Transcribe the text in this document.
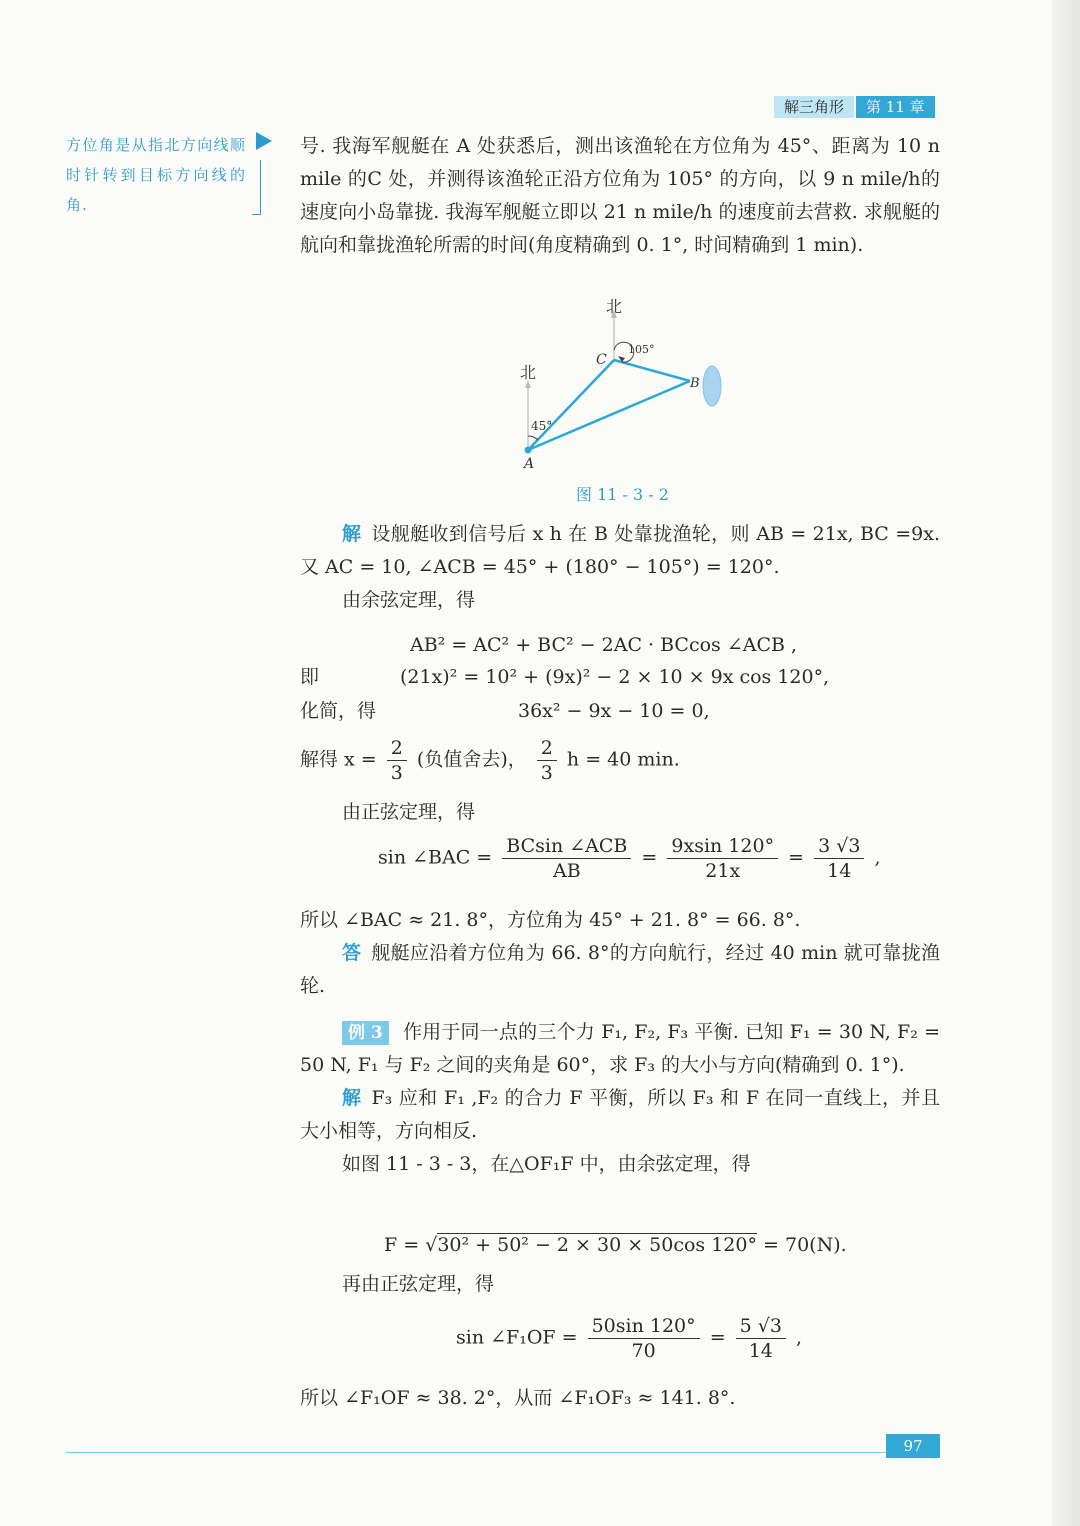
解三角形	第 11 章
方位角是从指北方向线顺时针转到目标方向线的角.

号. 我海军舰艇在 A 处获悉后，测出该渔轮在方位角为 45°、距离为 10 n mile 的C 处，并测得该渔轮正沿方位角为 105° 的方向，以 9 n mile/h的速度向小岛靠拢. 我海军舰艇立即以 21 n mile/h 的速度前去营救. 求舰艇的航向和靠拢渔轮所需的时间(角度精确到 0. 1°, 时间精确到 1 min).

北
北
A
B
C
45°
105°
图 11 - 3 - 2

解 设舰艇收到信号后 x h 在 B 处靠拢渔轮，则 AB = 21x, BC =9x. 又 AC = 10, ∠ACB = 45° + (180° − 105°) = 120°.

由余弦定理，得

AB² = AC² + BC² − 2AC · BCcos ∠ACB ,
即	(21x)² = 10² + (9x)² − 2 × 10 × 9x cos 120°,
化简，得	36x² − 9x − 10 = 0,
解得 $x = \frac{2}{3}$ (负值舍去)， $\frac{2}{3}$ h = 40 min.

由正弦定理，得

sin ∠BAC = $\frac{\text{BCsin ∠ACB}}{AB} = \frac{9xsin 120^\circ}{21x} = \frac{3 √3}{14}$ ,

所以 ∠BAC ≈ 21. 8°，方位角为 45° + 21. 8° = 66. 8°.

答 舰艇应沿着方位角为 66. 8°的方向航行，经过 40 min 就可靠拢渔轮.

例 3 作用于同一点的三个力 F₁, F₂, F₃ 平衡. 已知 F₁ = 30 N, F₂ = 50 N, F₁ 与 F₂ 之间的夹角是 60°，求 F₃ 的大小与方向(精确到 0. 1°).

解 F₃ 应和 F₁ ,F₂ 的合力 F 平衡，所以 F₃ 和 F 在同一直线上，并且大小相等，方向相反.

如图 11 - 3 - 3，在△OF₁F 中，由余弦定理，得

F = √30² + 50² − 2 × 30 × 50cos 120° = 70(N).

再由正弦定理，得

sin ∠F₁OF = $\frac{50\sin 120^\circ}{70} = \frac{5 √3}{14}$ ,

所以 ∠F₁OF ≈ 38. 2°，从而 ∠F₁OF₃ ≈ 141. 8°.

97
